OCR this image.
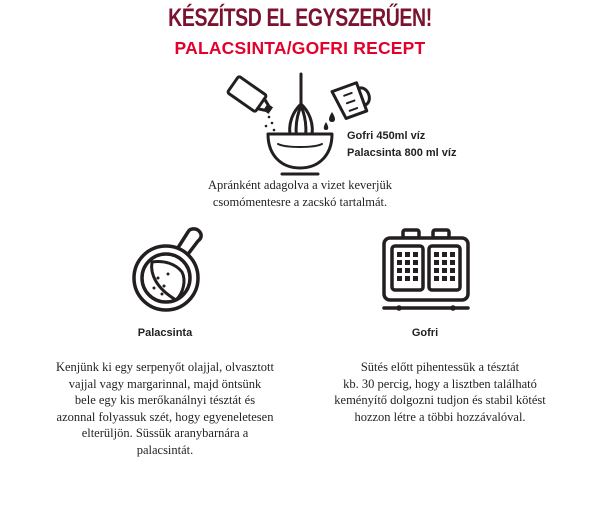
KÉSZÍTSD EL EGYSZERŰEN!
PALACSINTA/GOFRI RECEPT
Gofri 450ml víz
Palacsinta 800 ml víz
Apránként adagolva a vizet keverjük
csomómentesre a zacskó tartalmát.
Palacsinta	Gofri
Kenjünk ki egy serpenyőt olajjal, olvasztott
vajjal vagy margarinnal, majd öntsünk
bele egy kis merőkanálnyi tésztát és
azonnal folyassuk szét, hogy egyeneletesen
elterüljön. Süssük aranybarnára a
palacsintát.
Sütés előtt pihentessük a tésztát
kb. 30 percig, hogy a lisztben található
keményítő dolgozni tudjon és stabil kötést
hozzon létre a többi hozzávalóval.
